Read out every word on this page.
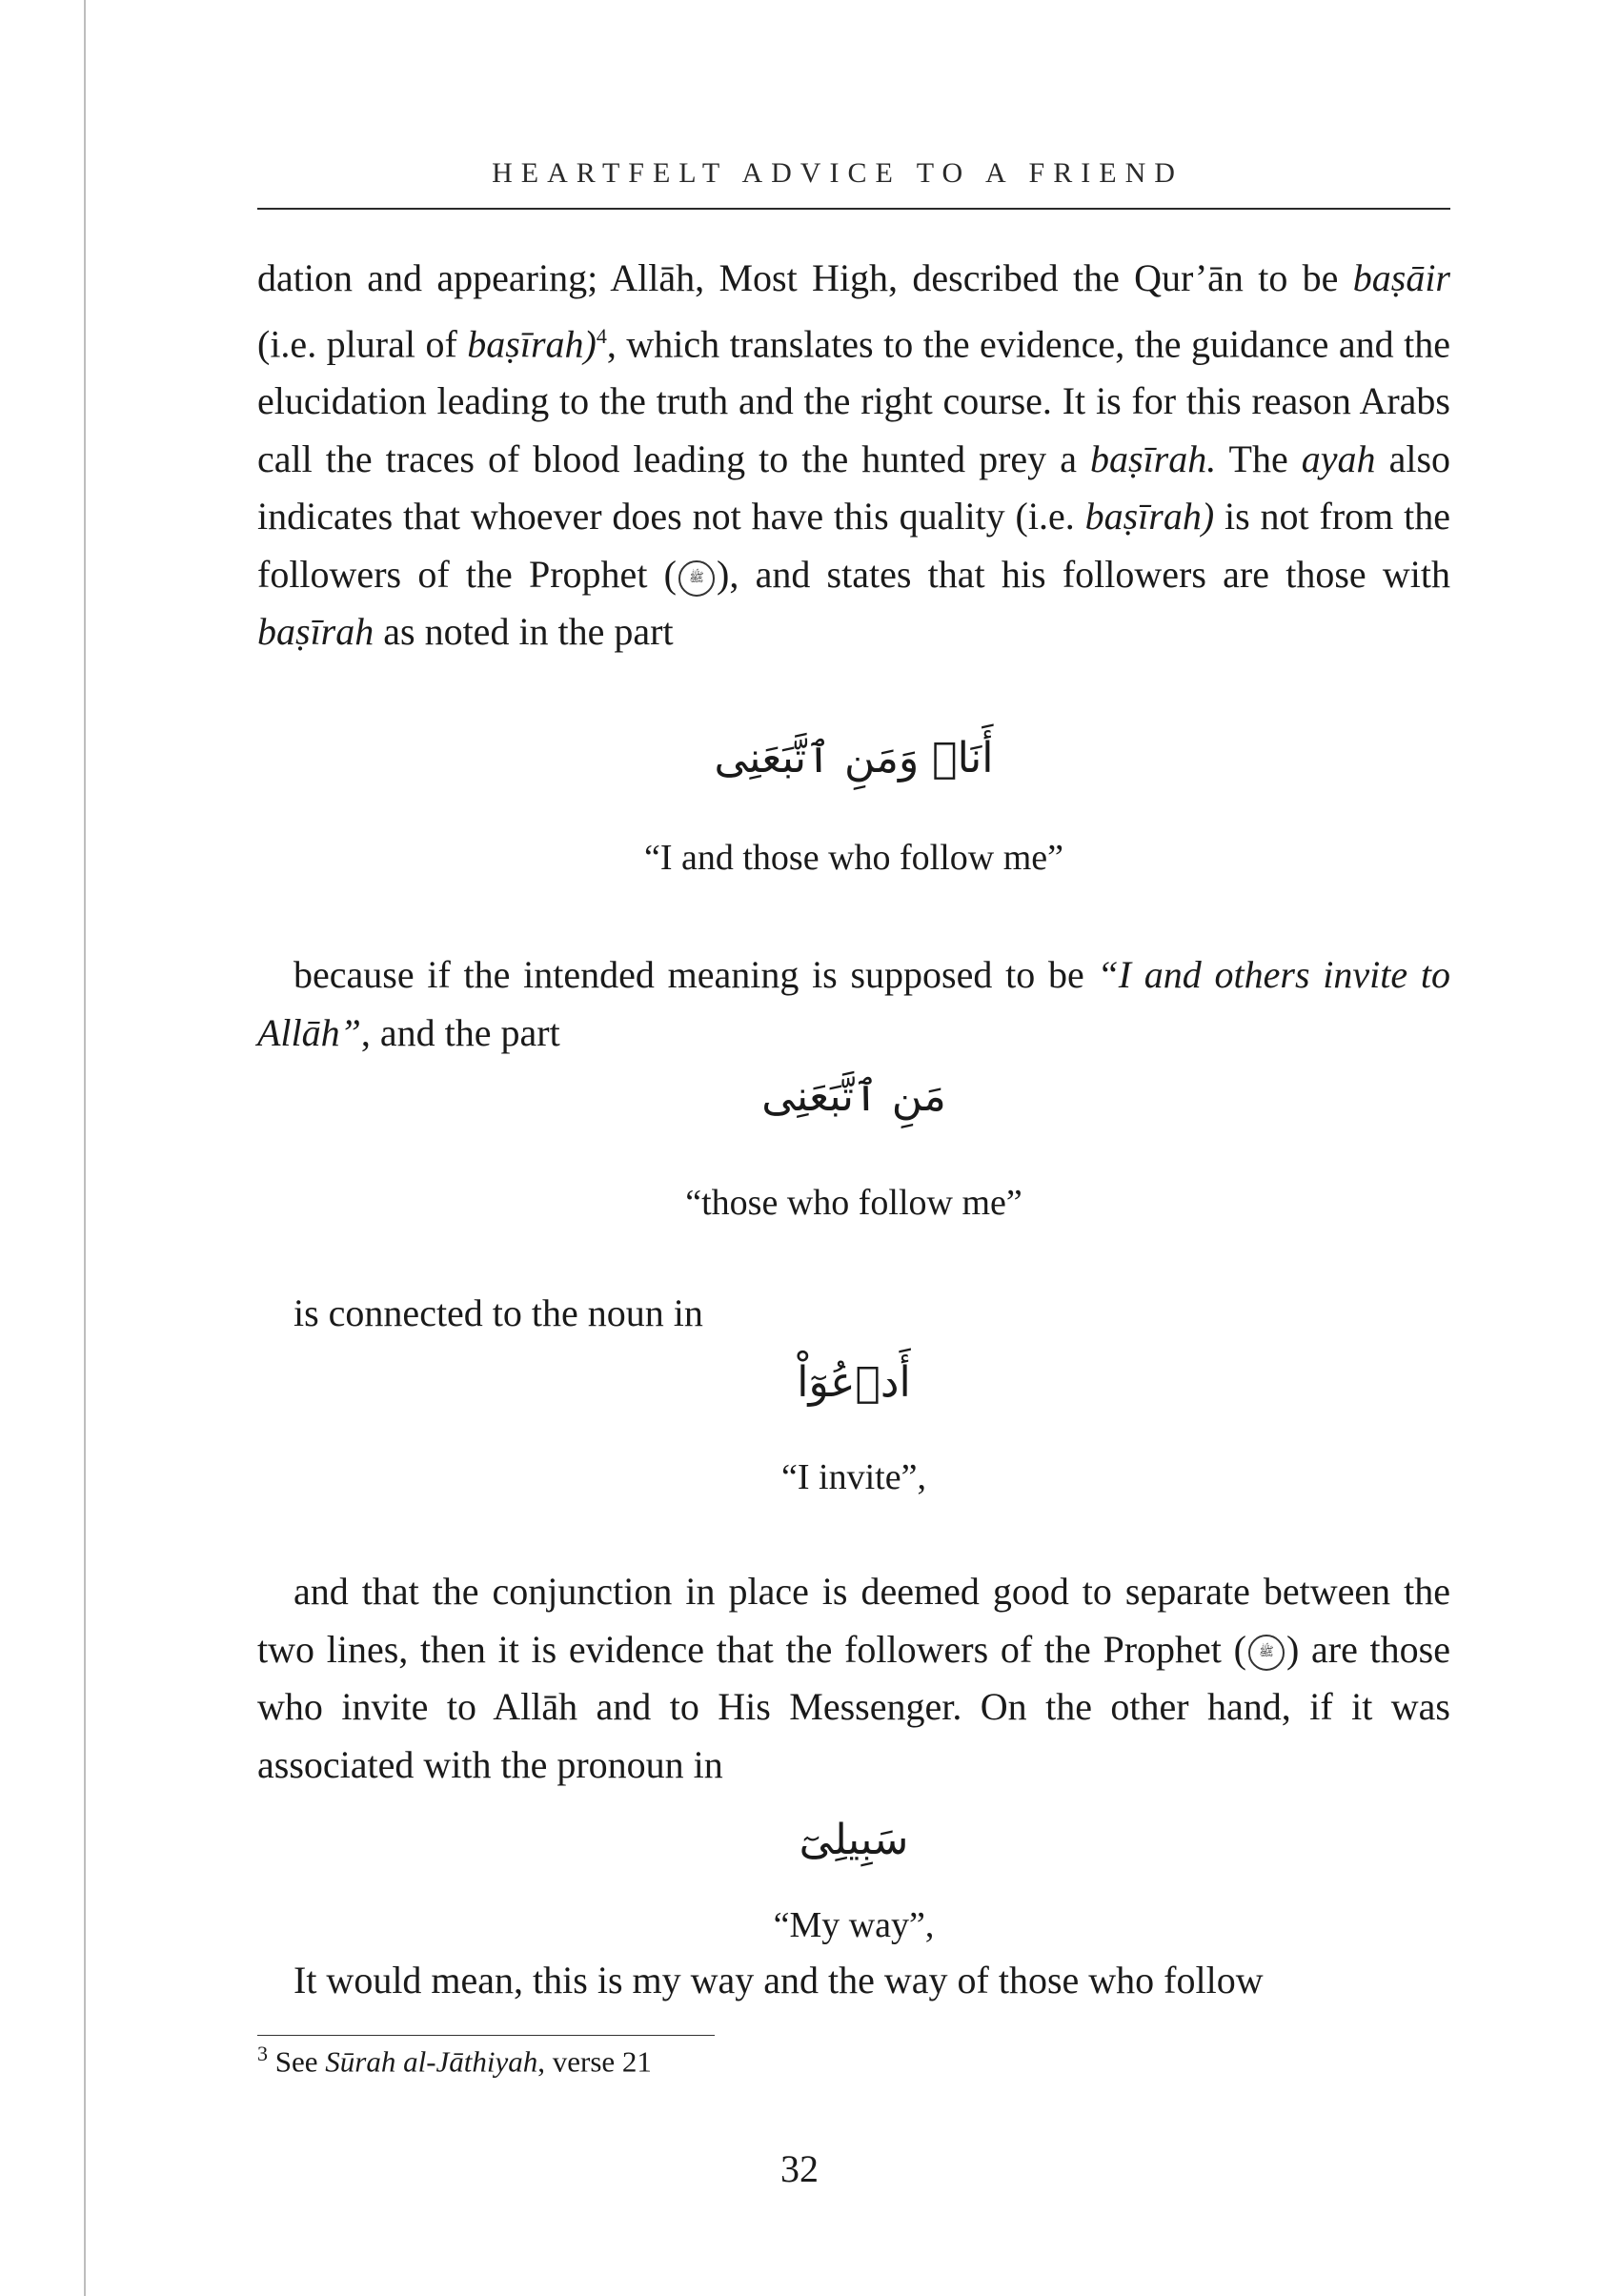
HEARTFELT ADVICE TO A FRIEND
dation and appearing; Allāh, Most High, described the Qur’ān to be baṣāir (i.e. plural of baṣīrah)$^4$, which translates to the evidence, the guidance and the elucidation leading to the truth and the right course. It is for this reason Arabs call the traces of blood leading to the hunted prey a baṣīrah. The ayah also indicates that whoever does not have this quality (i.e. baṣīrah) is not from the followers of the Prophet ( ﷺ ), and states that his followers are those with baṣīrah as noted in the part
أَنَا۠ وَمَنِ ٱتَّبَعَنِى
“I and those who follow me”
because if the intended meaning is supposed to be “I and others invite to Allāh”, and the part
مَنِ ٱتَّبَعَنِى
“those who follow me”
is connected to the noun in
أَدۡعُوٓاْ
“I invite”,
and that the conjunction in place is deemed good to separate between the two lines, then it is evidence that the followers of the Prophet ( ﷺ ) are those who invite to Allāh and to His Messenger. On the other hand, if it was associated with the pronoun in
سَبِيلِىٓ
“My way”,
It would mean, this is my way and the way of those who follow
$^3$ See Sūrah al-Jāthiyah, verse 21
32
